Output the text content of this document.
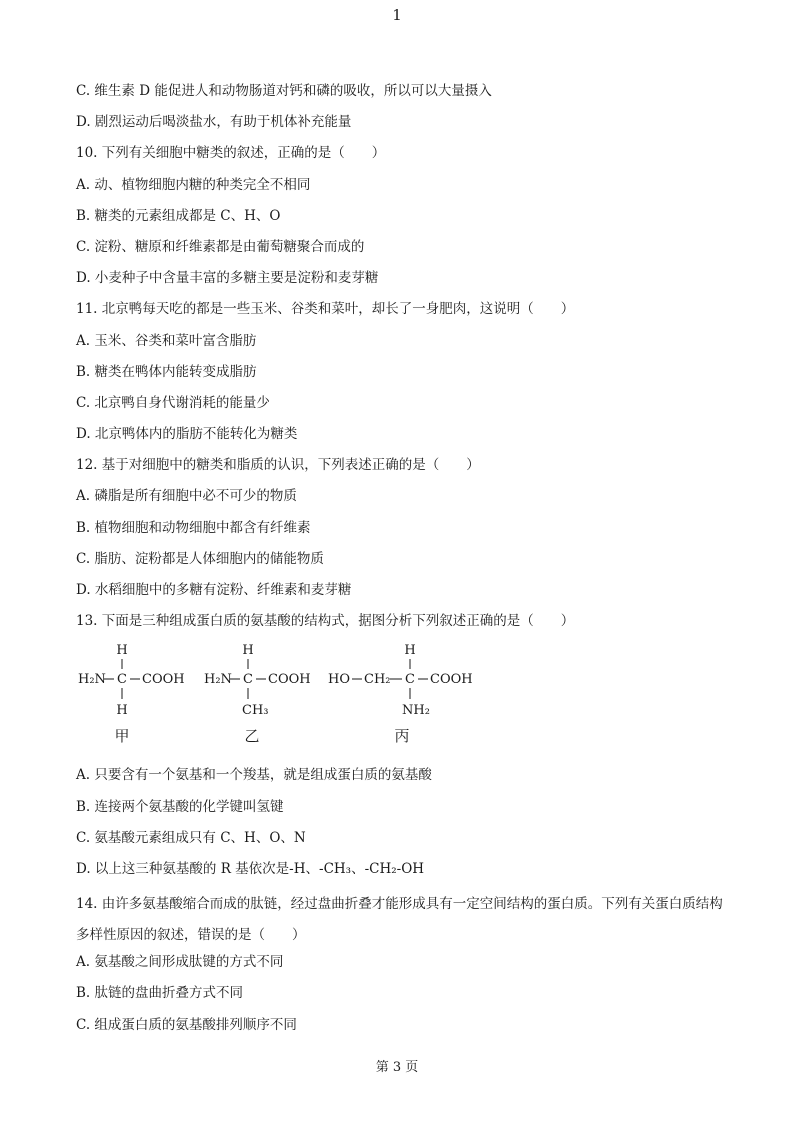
1
C. 维生素 D 能促进人和动物肠道对钙和磷的吸收，所以可以大量摄入
D. 剧烈运动后喝淡盐水，有助于机体补充能量
10. 下列有关细胞中糖类的叙述，正确的是（　　）
A. 动、植物细胞内糖的种类完全不相同
B. 糖类的元素组成都是 C、H、O
C. 淀粉、糖原和纤维素都是由葡萄糖聚合而成的
D. 小麦种子中含量丰富的多糖主要是淀粉和麦芽糖
11. 北京鸭每天吃的都是一些玉米、谷类和菜叶，却长了一身肥肉，这说明（　　）
A. 玉米、谷类和菜叶富含脂肪
B. 糖类在鸭体内能转变成脂肪
C. 北京鸭自身代谢消耗的能量少
D. 北京鸭体内的脂肪不能转化为糖类
12. 基于对细胞中的糖类和脂质的认识，下列表述正确的是（　　）
A. 磷脂是所有细胞中必不可少的物质
B. 植物细胞和动物细胞中都含有纤维素
C. 脂肪、淀粉都是人体细胞内的储能物质
D. 水稻细胞中的多糖有淀粉、纤维素和麦芽糖
13. 下面是三种组成蛋白质的氨基酸的结构式，据图分析下列叙述正确的是（　　）
H
H₂N C COOH
H
甲
H
H₂N C COOH
CH₃
乙
H
HO CH₂ C COOH
NH₂
丙
A. 只要含有一个氨基和一个羧基，就是组成蛋白质的氨基酸
B. 连接两个氨基酸的化学键叫氢键
C. 氨基酸元素组成只有 C、H、O、N
D. 以上这三种氨基酸的 R 基依次是-H、-CH₃、-CH₂-OH
14. 由许多氨基酸缩合而成的肽链，经过盘曲折叠才能形成具有一定空间结构的蛋白质。下列有关蛋白质结构多样性原因的叙述，错误的是（　　）
A. 氨基酸之间形成肽键的方式不同
B. 肽链的盘曲折叠方式不同
C. 组成蛋白质的氨基酸排列顺序不同
第 3 页
